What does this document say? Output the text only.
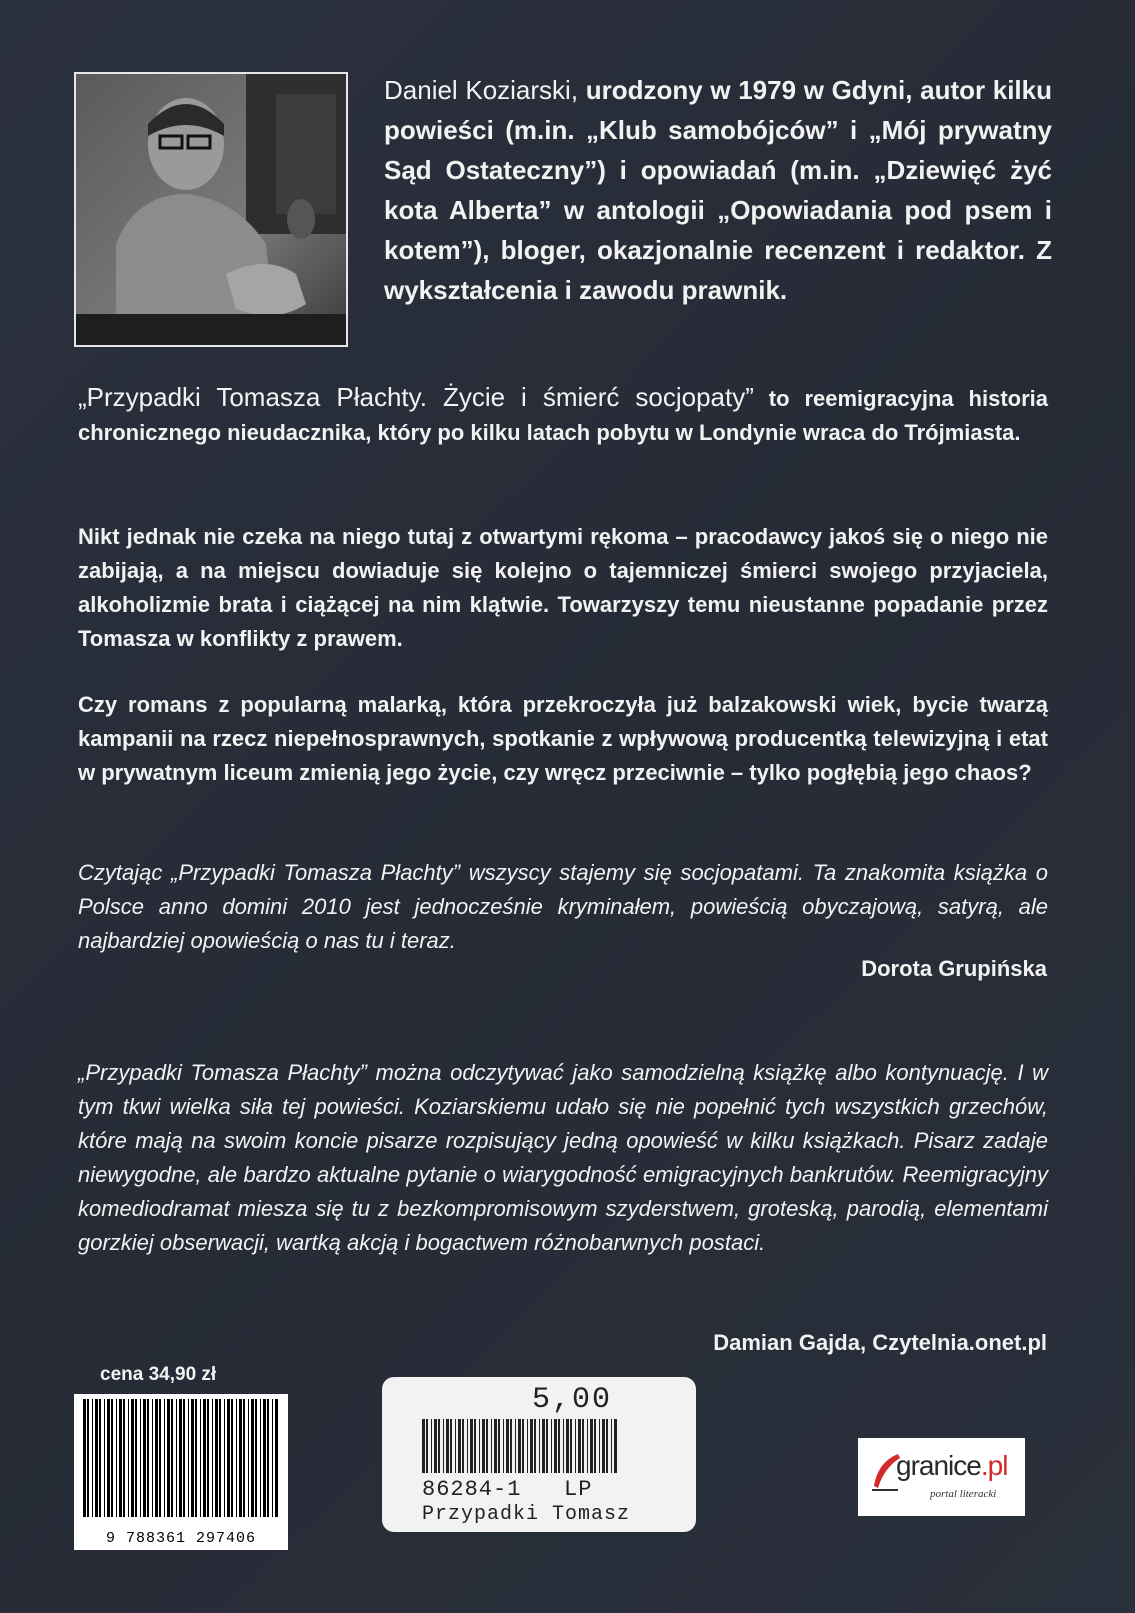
Daniel Koziarski, urodzony w 1979 w Gdyni, autor kilku powieści (m.in. „Klub samobójców” i „Mój prywatny Sąd Ostateczny”) i opowiadań (m.in. „Dziewięć żyć kota Alberta” w antologii „Opowiadania pod psem i kotem”), bloger, okazjonalnie recenzent i redaktor. Z wykształcenia i zawodu prawnik.

„Przypadki Tomasza Płachty. Życie i śmierć socjopaty” to reemigracyjna historia chronicznego nieudacznika, który po kilku latach pobytu w Londynie wraca do Trójmiasta.

Nikt jednak nie czeka na niego tutaj z otwartymi rękoma – pracodawcy jakoś się o niego nie zabijają, a na miejscu dowiaduje się kolejno o tajemniczej śmierci swojego przyjaciela, alkoholizmie brata i ciążącej na nim klątwie. Towarzyszy temu nieustanne popadanie przez Tomasza w konflikty z prawem.

Czy romans z popularną malarką, która przekroczyła już balzakowski wiek, bycie twarzą kampanii na rzecz niepełnosprawnych, spotkanie z wpływową producentką telewizyjną i etat w prywatnym liceum zmienią jego życie, czy wręcz przeciwnie – tylko pogłębią jego chaos?

Czytając „Przypadki Tomasza Płachty” wszyscy stajemy się socjopatami. Ta znakomita książka o Polsce anno domini 2010 jest jednocześnie kryminałem, powieścią obyczajową, satyrą, ale najbardziej opowieścią o nas tu i teraz.

Dorota Grupińska

„Przypadki Tomasza Płachty” można odczytywać jako samodzielną książkę albo kontynuację. I w tym tkwi wielka siła tej powieści. Koziarskiemu udało się nie popełnić tych wszystkich grzechów, które mają na swoim koncie pisarze rozpisujący jedną opowieść w kilku książkach. Pisarz zadaje niewygodne, ale bardzo aktualne pytanie o wiarygodność emigracyjnych bankrutów. Reemigracyjny komediodramat miesza się tu z bezkompromisowym szyderstwem, groteską, parodią, elementami gorzkiej obserwacji, wartką akcją i bogactwem różnobarwnych postaci.

Damian Gajda, Czytelnia.onet.pl

cena 34,90 zł
9 788361 297406
5,00
86284-1   LP
Przypadki Tomasz
granice.pl
portal literacki
